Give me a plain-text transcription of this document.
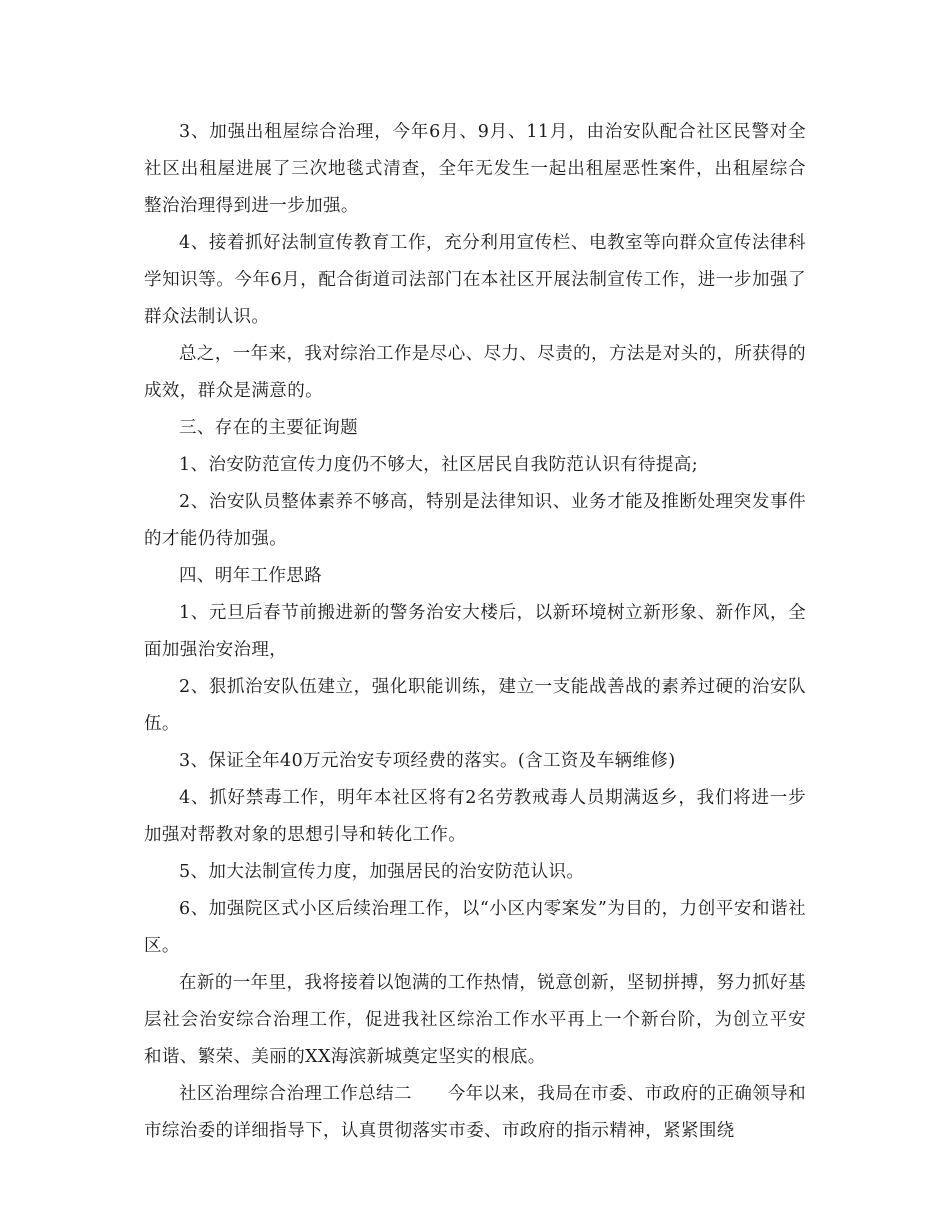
3、加强出租屋综合治理，今年6月、9月、11月，由治安队配合社区民警对全社区出租屋进展了三次地毯式清查，全年无发生一起出租屋恶性案件，出租屋综合整治治理得到进一步加强。

4、接着抓好法制宣传教育工作，充分利用宣传栏、电教室等向群众宣传法律科学知识等。今年6月，配合街道司法部门在本社区开展法制宣传工作，进一步加强了群众法制认识。

总之，一年来，我对综治工作是尽心、尽力、尽责的，方法是对头的，所获得的成效，群众是满意的。

三、存在的主要征询题

1、治安防范宣传力度仍不够大，社区居民自我防范认识有待提高;

2、治安队员整体素养不够高，特别是法律知识、业务才能及推断处理突发事件的才能仍待加强。

四、明年工作思路

1、元旦后春节前搬进新的警务治安大楼后，以新环境树立新形象、新作风，全面加强治安治理，

2、狠抓治安队伍建立，强化职能训练，建立一支能战善战的素养过硬的治安队伍。

3、保证全年40万元治安专项经费的落实。(含工资及车辆维修)

4、抓好禁毒工作，明年本社区将有2名劳教戒毒人员期满返乡，我们将进一步加强对帮教对象的思想引导和转化工作。

5、加大法制宣传力度，加强居民的治安防范认识。

6、加强院区式小区后续治理工作，以“小区内零案发”为目的，力创平安和谐社区。

在新的一年里，我将接着以饱满的工作热情，锐意创新，坚韧拼搏，努力抓好基层社会治安综合治理工作，促进我社区综治工作水平再上一个新台阶，为创立平安和谐、繁荣、美丽的XX海滨新城奠定坚实的根底。

社区治理综合治理工作总结二　　今年以来，我局在市委、市政府的正确领导和市综治委的详细指导下，认真贯彻落实市委、市政府的指示精神，紧紧围绕
